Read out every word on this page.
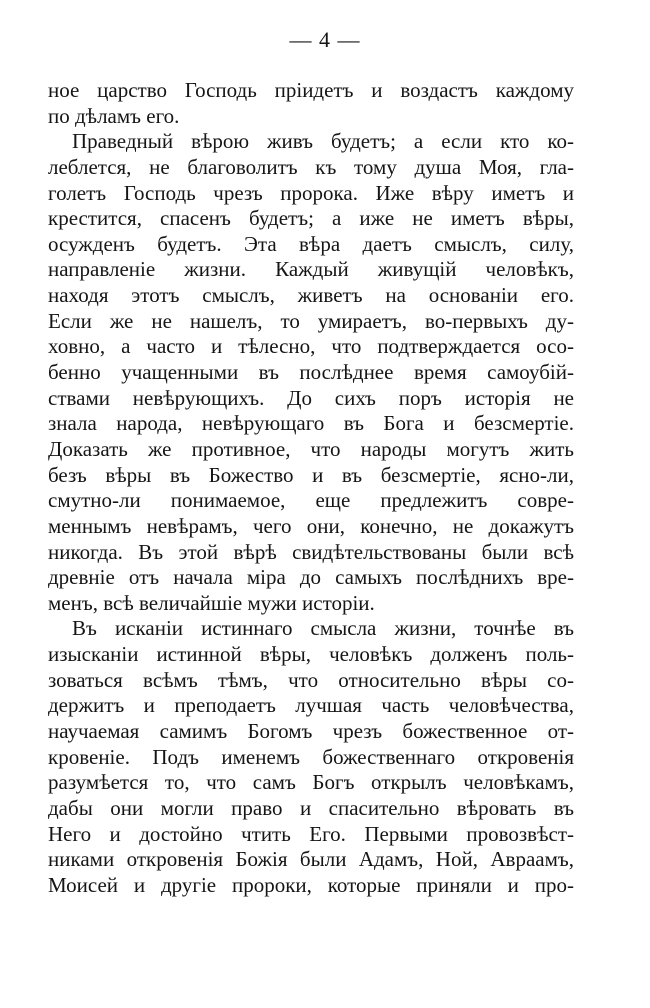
— 4 —
ное царство Господь пріидетъ и воздастъ каждому
по дѣламъ его.
Праведный вѣрою живъ будетъ; а если кто ко-
леблется, не благоволитъ къ тому душа Моя, гла-
голетъ Господь чрезъ пророка. Иже вѣру иметъ и
крестится, спасенъ будетъ; а иже не иметъ вѣры,
осужденъ будетъ. Эта вѣра даетъ смыслъ, силу,
направленіе жизни. Каждый живущій человѣкъ,
находя этотъ смыслъ, живетъ на основаніи его.
Если же не нашелъ, то умираетъ, во-первыхъ ду-
ховно, а часто и тѣлесно, что подтверждается осо-
бенно учащенными въ послѣднее время самоубій-
ствами невѣрующихъ. До сихъ поръ исторія не
знала народа, невѣрующаго въ Бога и безсмертіе.
Доказать же противное, что народы могутъ жить
безъ вѣры въ Божество и въ безсмертіе, ясно-ли,
смутно-ли понимаемое, еще предлежитъ совре-
меннымъ невѣрамъ, чего они, конечно, не докажутъ
никогда. Въ этой вѣрѣ свидѣтельствованы были всѣ
древніе отъ начала міра до самыхъ послѣднихъ вре-
менъ, всѣ величайшіе мужи исторіи.
Въ исканіи истиннаго смысла жизни, точнѣе въ
изысканіи истинной вѣры, человѣкъ долженъ поль-
зоваться всѣмъ тѣмъ, что относительно вѣры со-
держитъ и преподаетъ лучшая часть человѣчества,
научаемая самимъ Богомъ чрезъ божественное от-
кровеніе. Подъ именемъ божественнаго откровенія
разумѣется то, что самъ Богъ открылъ человѣкамъ,
дабы они могли право и спасительно вѣровать въ
Него и достойно чтить Его. Первыми провозвѣст-
никами откровенія Божія были Адамъ, Ной, Авраамъ,
Моисей и другіе пророки, которые приняли и про-
